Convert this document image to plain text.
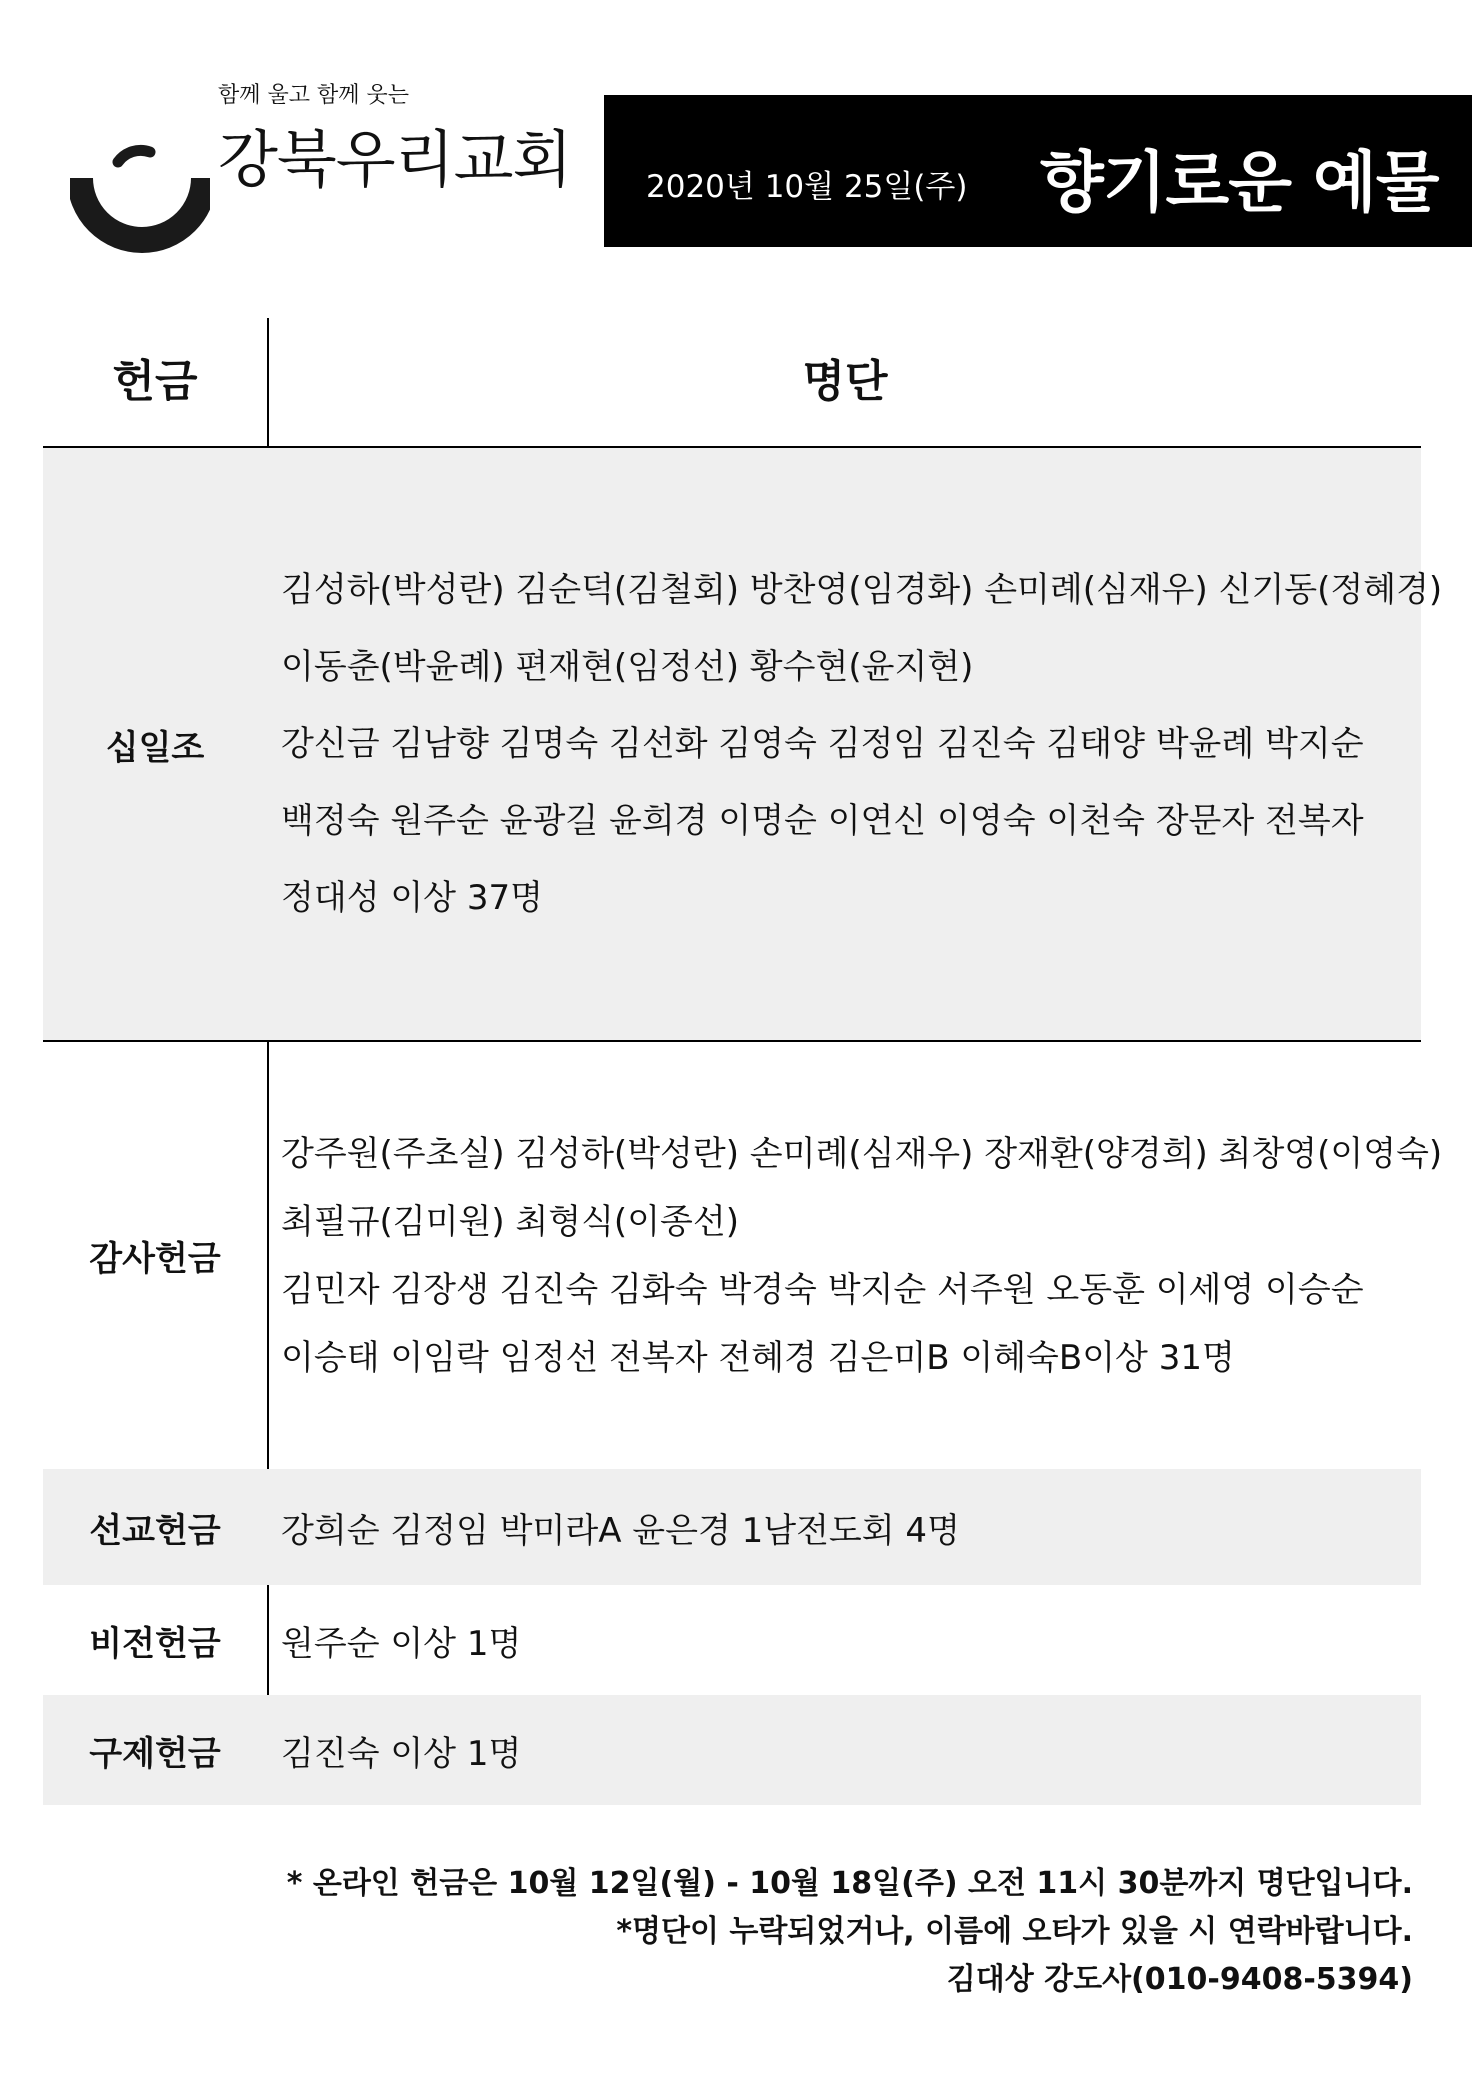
함께 울고 함께 웃는
강북우리교회 2020년 10월 25일(주) 향기로운 예물
헌금	명단
십일조
김성하(박성란) 김순덕(김철회) 방찬영(임경화) 손미례(심재우) 신기동(정혜경)
이동춘(박윤례) 편재현(임정선) 황수현(윤지현)
강신금 김남향 김명숙 김선화 김영숙 김정임 김진숙 김태양 박윤례 박지순
백정숙 원주순 윤광길 윤희경 이명순 이연신 이영숙 이천숙 장문자 전복자
정대성 이상 37명
감사헌금
강주원(주초실) 김성하(박성란) 손미례(심재우) 장재환(양경희) 최창영(이영숙)
최필규(김미원) 최형식(이종선)
김민자 김장생 김진숙 김화숙 박경숙 박지순 서주원 오동훈 이세영 이승순
이승태 이임락 임정선 전복자 전혜경 김은미B 이혜숙B이상 31명
선교헌금	강희순 김정임 박미라A 윤은경 1남전도회 4명
비전헌금	원주순 이상 1명
구제헌금	김진숙 이상 1명
* 온라인 헌금은 10월 12일(월) - 10월 18일(주) 오전 11시 30분까지 명단입니다.
*명단이 누락되었거나, 이름에 오타가 있을 시 연락바랍니다.
김대상 강도사(010-9408-5394)
